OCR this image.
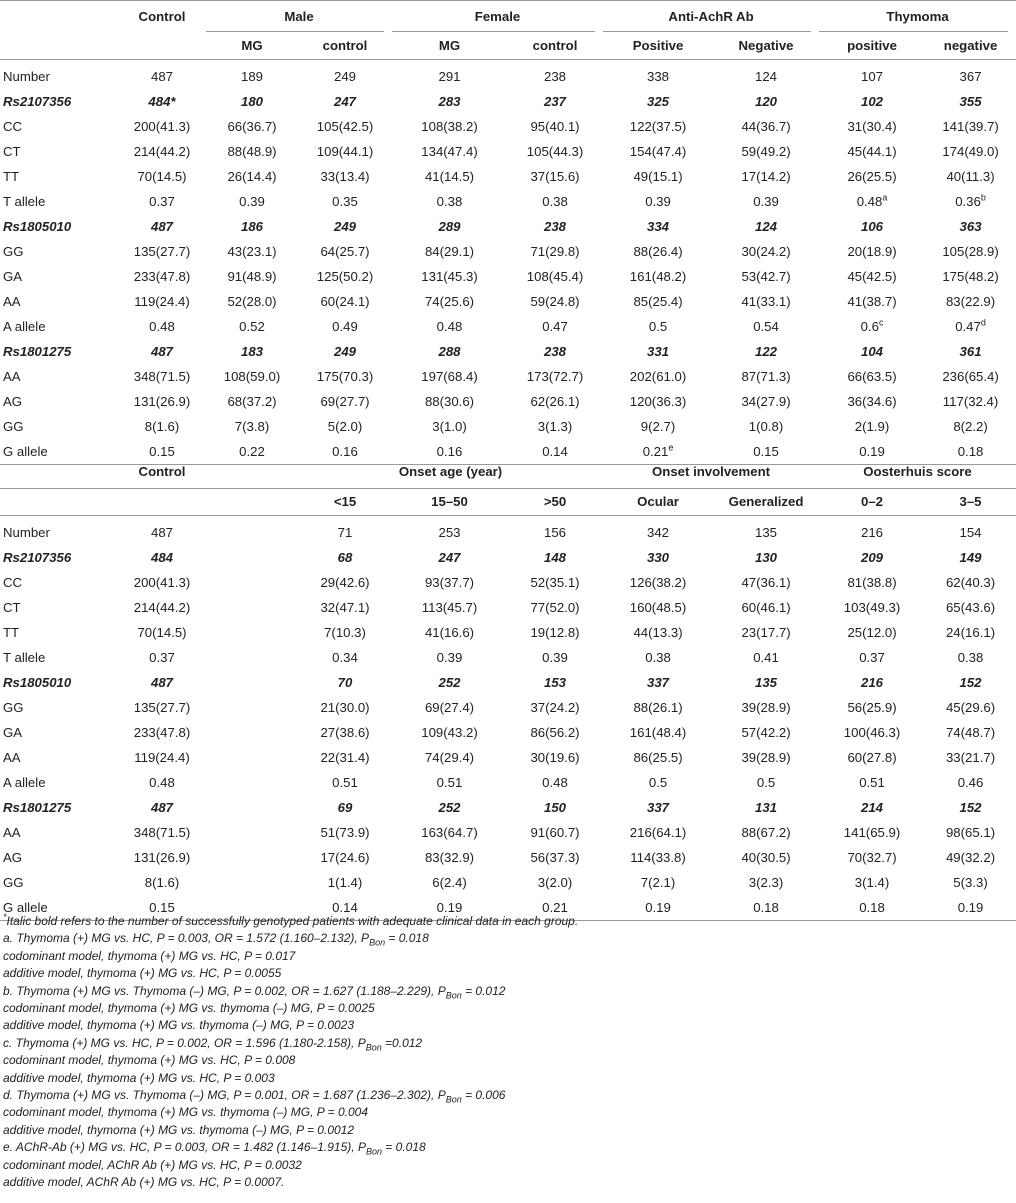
	Control	Male		Female		Anti-AchR Ab		Thymoma	
		MG	control	MG	control	Positive	Negative	positive	negative
Number	487	189	249	291	238	338	124	107	367
Rs2107356	484*	180	247	283	237	325	120	102	355
CC	200(41.3)	66(36.7)	105(42.5)	108(38.2)	95(40.1)	122(37.5)	44(36.7)	31(30.4)	141(39.7)
CT	214(44.2)	88(48.9)	109(44.1)	134(47.4)	105(44.3)	154(47.4)	59(49.2)	45(44.1)	174(49.0)
TT	70(14.5)	26(14.4)	33(13.4)	41(14.5)	37(15.6)	49(15.1)	17(14.2)	26(25.5)	40(11.3)
T allele	0.37	0.39	0.35	0.38	0.38	0.39	0.39	0.48$^a$	0.36$^b$
Rs1805010	487	186	249	289	238	334	124	106	363
GG	135(27.7)	43(23.1)	64(25.7)	84(29.1)	71(29.8)	88(26.4)	30(24.2)	20(18.9)	105(28.9)
GA	233(47.8)	91(48.9)	125(50.2)	131(45.3)	108(45.4)	161(48.2)	53(42.7)	45(42.5)	175(48.2)
AA	119(24.4)	52(28.0)	60(24.1)	74(25.6)	59(24.8)	85(25.4)	41(33.1)	41(38.7)	83(22.9)
A allele	0.48	0.52	0.49	0.48	0.47	0.5	0.54	0.6$^c$	0.47$^d$
Rs1801275	487	183	249	288	238	331	122	104	361
AA	348(71.5)	108(59.0)	175(70.3)	197(68.4)	173(72.7)	202(61.0)	87(71.3)	66(63.5)	236(65.4)
AG	131(26.9)	68(37.2)	69(27.7)	88(30.6)	62(26.1)	120(36.3)	34(27.9)	36(34.6)	117(32.4)
GG	8(1.6)	7(3.8)	5(2.0)	3(1.0)	3(1.3)	9(2.7)	1(0.8)	2(1.9)	8(2.2)
G allele	0.15	0.22	0.16	0.16	0.14	0.21e	0.15	0.19	0.18
	Control		Onset age (year)			Onset involvement		Oosterhuis score	
			<15	15–50	>50	Ocular	Generalized	0–2	3–5
Number	487		71	253	156	342	135	216	154
Rs2107356	484		68	247	148	330	130	209	149
CC	200(41.3)		29(42.6)	93(37.7)	52(35.1)	126(38.2)	47(36.1)	81(38.8)	62(40.3)
CT	214(44.2)		32(47.1)	113(45.7)	77(52.0)	160(48.5)	60(46.1)	103(49.3)	65(43.6)
TT	70(14.5)		7(10.3)	41(16.6)	19(12.8)	44(13.3)	23(17.7)	25(12.0)	24(16.1)
T allele	0.37		0.34	0.39	0.39	0.38	0.41	0.37	0.38
Rs1805010	487		70	252	153	337	135	216	152
GG	135(27.7)		21(30.0)	69(27.4)	37(24.2)	88(26.1)	39(28.9)	56(25.9)	45(29.6)
GA	233(47.8)		27(38.6)	109(43.2)	86(56.2)	161(48.4)	57(42.2)	100(46.3)	74(48.7)
AA	119(24.4)		22(31.4)	74(29.4)	30(19.6)	86(25.5)	39(28.9)	60(27.8)	33(21.7)
A allele	0.48		0.51	0.51	0.48	0.5	0.5	0.51	0.46
Rs1801275	487		69	252	150	337	131	214	152
AA	348(71.5)		51(73.9)	163(64.7)	91(60.7)	216(64.1)	88(67.2)	141(65.9)	98(65.1)
AG	131(26.9)		17(24.6)	83(32.9)	56(37.3)	114(33.8)	40(30.5)	70(32.7)	49(32.2)
GG	8(1.6)		1(1.4)	6(2.4)	3(2.0)	7(2.1)	3(2.3)	3(1.4)	5(3.3)
G allele	0.15		0.14	0.19	0.21	0.19	0.18	0.18	0.19
*Italic bold refers to the number of successfully genotyped patients with adequate clinical data in each group.
a. Thymoma (+) MG vs. HC, P = 0.003, OR = 1.572 (1.160–2.132), $P_{Bon} = 0.018$
codominant model, thymoma (+) MG vs. HC, P = 0.017
additive model, thymoma (+) MG vs. HC, P = 0.0055
b. Thymoma (+) MG vs. Thymoma (–) MG, P = 0.002, OR = 1.627 (1.188–2.229), $P_{Bon} = 0.012$
codominant model, thymoma (+) MG vs. thymoma (–) MG, P = 0.0025
additive model, thymoma (+) MG vs. thymoma (–) MG, P = 0.0023
c. Thymoma (+) MG vs. HC, P = 0.002, OR = 1.596 (1.180-2.158), $P_{Bon} =0.012$
codominant model, thymoma (+) MG vs. HC, P = 0.008
additive model, thymoma (+) MG vs. HC, P = 0.003
d. Thymoma (+) MG vs. Thymoma (–) MG, P = 0.001, OR = 1.687 (1.236–2.302), $P_{Bon} = 0.006$
codominant model, thymoma (+) MG vs. thymoma (–) MG, P = 0.004
additive model, thymoma (+) MG vs. thymoma (–) MG, P = 0.0012
e. AChR-Ab (+) MG vs. HC, P = 0.003, OR = 1.482 (1.146–1.915), $P_{Bon} = 0.018$
codominant model, AChR Ab (+) MG vs. HC, P = 0.0032
additive model, AChR Ab (+) MG vs. HC, P = 0.0007.
